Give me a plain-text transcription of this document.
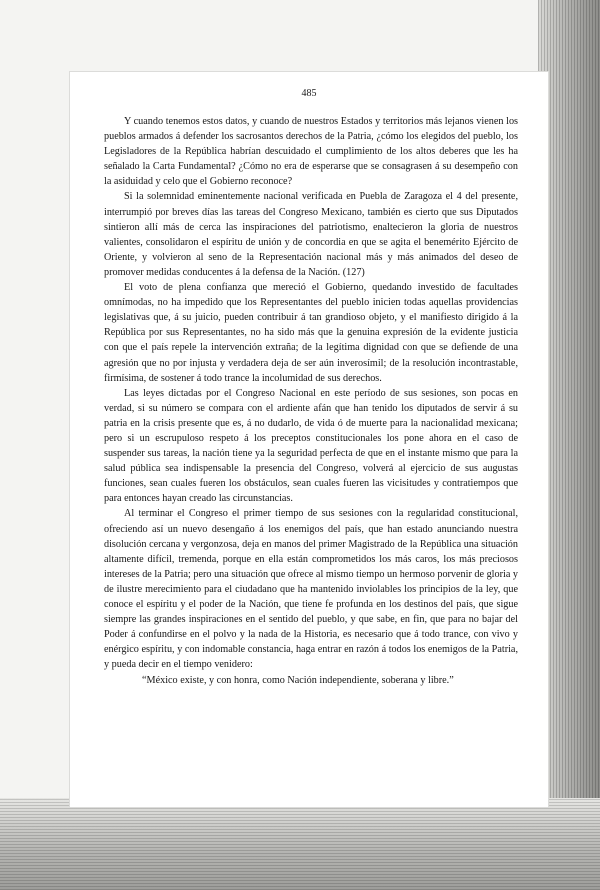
485

Y cuando tenemos estos datos, y cuando de nuestros Estados y territorios más lejanos vienen los pueblos armados á defender los sacrosantos derechos de la Patria, ¿cómo los elegidos del pueblo, los Legisladores de la República habrían descuidado el cumplimiento de los altos deberes que les ha señalado la Carta Fundamental? ¿Cómo no era de esperarse que se consagrasen á su desempeño con la asiduidad y celo que el Gobierno reconoce?

Si la solemnidad eminentemente nacional verificada en Puebla de Zaragoza el 4 del presente, interrumpió por breves días las tareas del Congreso Mexicano, también es cierto que sus Diputados sintieron allí más de cerca las inspiraciones del patriotismo, enaltecieron la gloria de nuestros valientes, consolidaron el espíritu de unión y de concordia en que se agita el benemérito Ejército de Oriente, y volvieron al seno de la Representación nacional más y más animados del deseo de promover medidas conducentes á la defensa de la Nación. (127)

El voto de plena confianza que mereció el Gobierno, quedando investido de facultades omnímodas, no ha impedido que los Representantes del pueblo inicien todas aquellas providencias legislativas que, á su juicio, pueden contribuir á tan grandioso objeto, y el manifiesto dirigido á la República por sus Representantes, no ha sido más que la genuina expresión de la evidente justicia con que el país repele la intervención extraña; de la legítima dignidad con que se defiende de una agresión que no por injusta y verdadera deja de ser aún inverosímil; de la resolución incontrastable, firmísima, de sostener á todo trance la incolumidad de sus derechos.

Las leyes dictadas por el Congreso Nacional en este período de sus sesiones, son pocas en verdad, si su número se compara con el ardiente afán que han tenido los diputados de servir á su patria en la crisis presente que es, á no dudarlo, de vida ó de muerte para la nacionalidad mexicana; pero si un escrupuloso respeto á los preceptos constitucionales los pone ahora en el caso de suspender sus tareas, la nación tiene ya la seguridad perfecta de que en el instante mismo que para la salud pública sea indispensable la presencia del Congreso, volverá al ejercicio de sus augustas funciones, sean cuales fueren los obstáculos, sean cuales fueren las vicisitudes y contratiempos que para entonces hayan creado las circunstancias.

Al terminar el Congreso el primer tiempo de sus sesiones con la regularidad constitucional, ofreciendo así un nuevo desengaño á los enemigos del país, que han estado anunciando nuestra disolución cercana y vergonzosa, deja en manos del primer Magistrado de la República una situación altamente difícil, tremenda, porque en ella están comprometidos los más caros, los más preciosos intereses de la Patria; pero una situación que ofrece al mismo tiempo un hermoso porvenir de gloria y de ilustre merecimiento para el ciudadano que ha mantenido inviolables los principios de la ley, que conoce el espíritu y el poder de la Nación, que tiene fe profunda en los destinos del país, que sigue siempre las grandes inspiraciones en el sentido del pueblo, y que sabe, en fin, que para no bajar del Poder á confundirse en el polvo y la nada de la Historia, es necesario que á todo trance, con vivo y enérgico espíritu, y con indomable constancia, haga entrar en razón á todos los enemigos de la Patria, y pueda decir en el tiempo venidero:

“México existe, y con honra, como Nación independiente, soberana y libre.”
